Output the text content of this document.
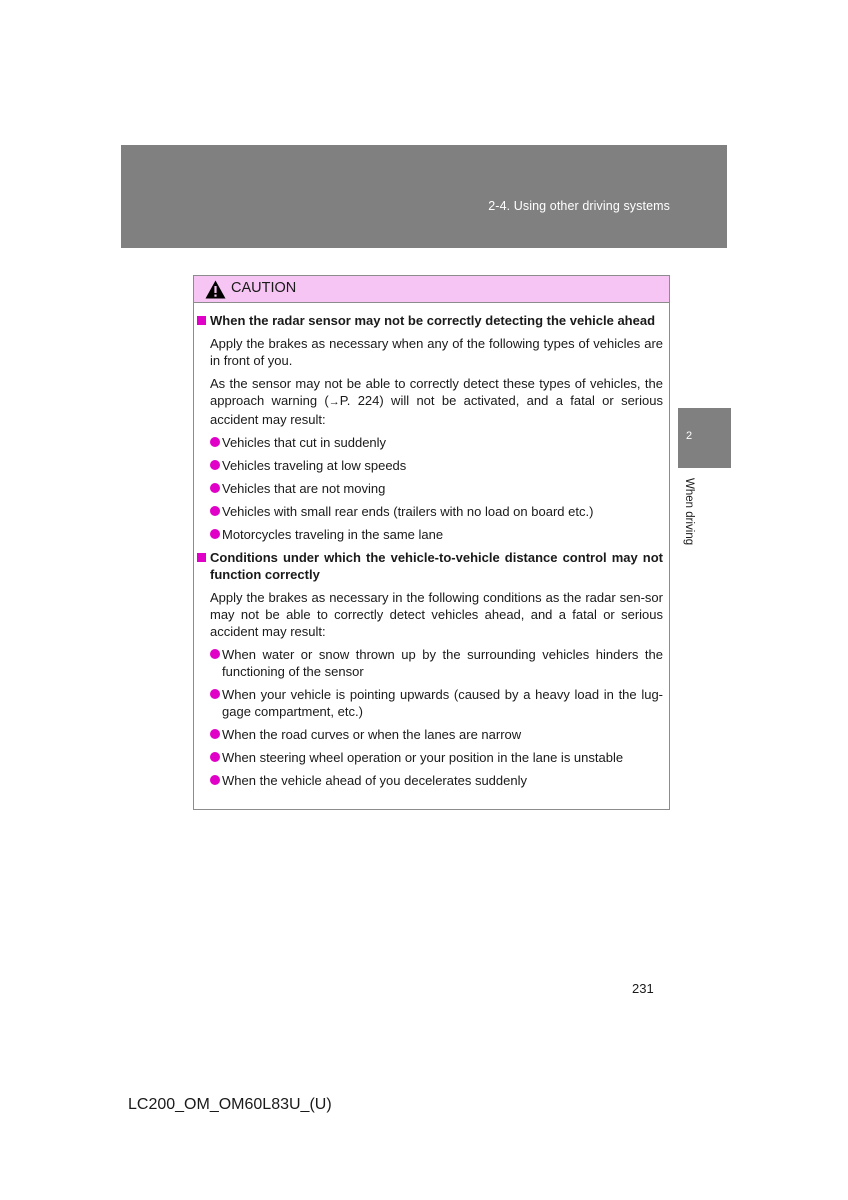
2-4. Using other driving systems
2
When driving
CAUTION
When the radar sensor may not be correctly detecting the vehicle ahead
Apply the brakes as necessary when any of the following types of vehicles are in front of you.
As the sensor may not be able to correctly detect these types of vehicles, the approach warning (→P. 224) will not be activated, and a fatal or serious accident may result:
Vehicles that cut in suddenly
Vehicles traveling at low speeds
Vehicles that are not moving
Vehicles with small rear ends (trailers with no load on board etc.)
Motorcycles traveling in the same lane
Conditions under which the vehicle-to-vehicle distance control may not function correctly
Apply the brakes as necessary in the following conditions as the radar sen-sor may not be able to correctly detect vehicles ahead, and a fatal or serious accident may result:
When water or snow thrown up by the surrounding vehicles hinders the functioning of the sensor
When your vehicle is pointing upwards (caused by a heavy load in the lug-gage compartment, etc.)
When the road curves or when the lanes are narrow
When steering wheel operation or your position in the lane is unstable
When the vehicle ahead of you decelerates suddenly
231
LC200_OM_OM60L83U_(U)
